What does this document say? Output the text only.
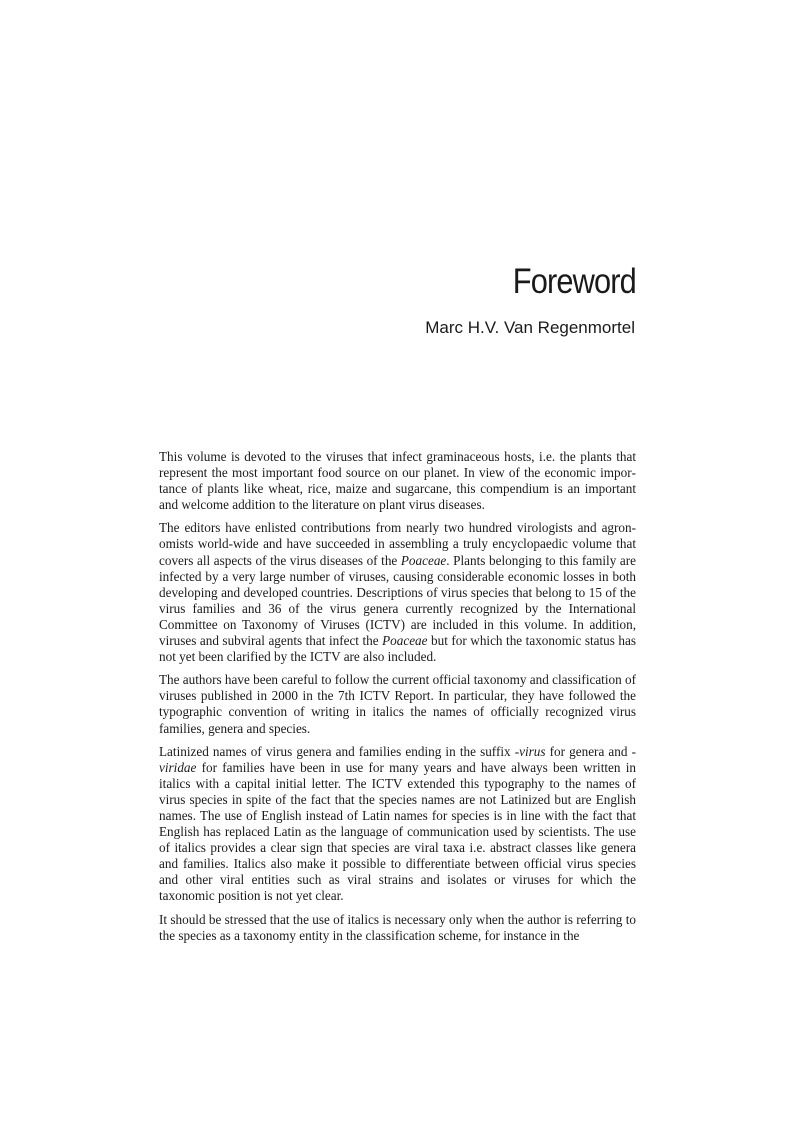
Foreword
Marc H.V. Van Regenmortel

This volume is devoted to the viruses that infect graminaceous hosts, i.e. the plants that represent the most important food source on our planet. In view of the economic importance of plants like wheat, rice, maize and sugarcane, this compendium is an important and welcome addition to the literature on plant virus diseases.

The editors have enlisted contributions from nearly two hundred virologists and agronomists world-wide and have succeeded in assembling a truly encyclopaedic volume that covers all aspects of the virus diseases of the Poaceae. Plants belonging to this family are infected by a very large number of viruses, causing considerable economic losses in both developing and developed countries. Descriptions of virus species that belong to 15 of the virus families and 36 of the virus genera currently recognized by the International Committee on Taxonomy of Viruses (ICTV) are included in this volume. In addition, viruses and subviral agents that infect the Poaceae but for which the taxonomic status has not yet been clarified by the ICTV are also included.

The authors have been careful to follow the current official taxonomy and classification of viruses published in 2000 in the 7th ICTV Report. In particular, they have followed the typographic convention of writing in italics the names of officially recognized virus families, genera and species.

Latinized names of virus genera and families ending in the suffix -virus for genera and -viridae for families have been in use for many years and have always been written in italics with a capital initial letter. The ICTV extended this typography to the names of virus species in spite of the fact that the species names are not Latinized but are English names. The use of English instead of Latin names for species is in line with the fact that English has replaced Latin as the language of communication used by scientists. The use of italics provides a clear sign that species are viral taxa i.e. abstract classes like genera and families. Italics also make it possible to differentiate between official virus species and other viral entities such as viral strains and isolates or viruses for which the taxonomic position is not yet clear.

It should be stressed that the use of italics is necessary only when the author is referring to the species as a taxonomy entity in the classification scheme, for instance in the
